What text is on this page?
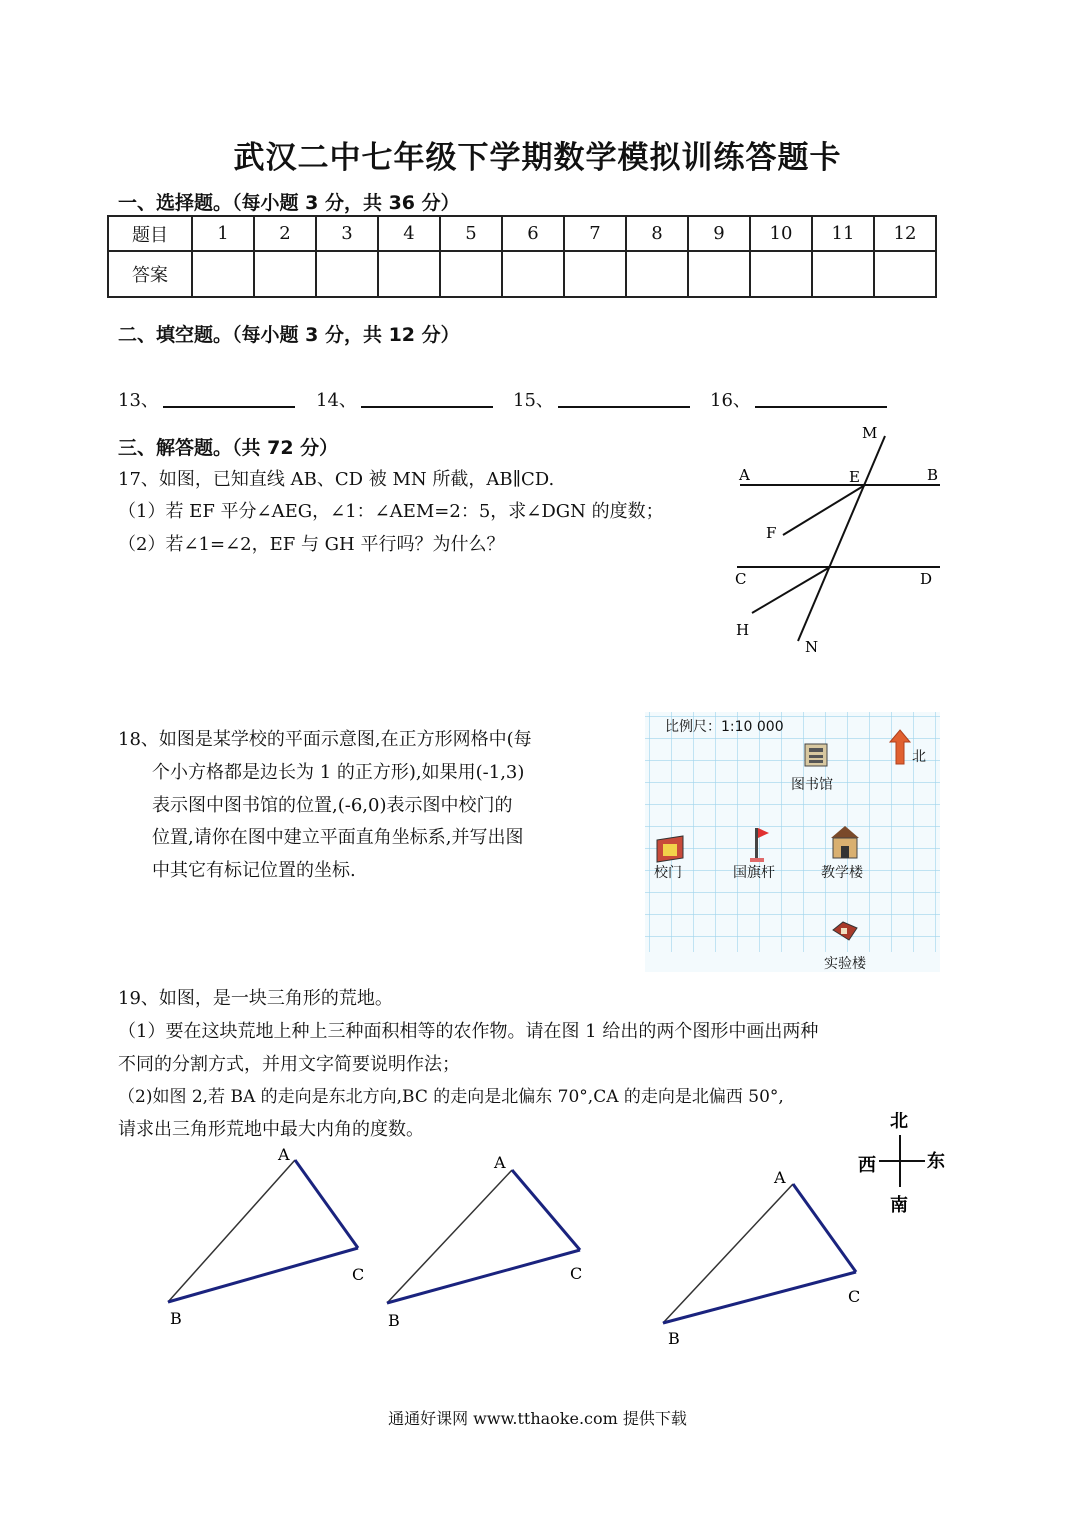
武汉二中七年级下学期数学模拟训练答题卡
一、选择题。（每小题 3 分，共 36 分）
题目	1	2	3	4	5	6	7	8	9	10	11	12
答案												
二、填空题。（每小题 3 分，共 12 分）
13、	14、	15、	16、
三、解答题。（共 72 分）
17、如图，已知直线 AB、CD 被 MN 所截，AB∥CD.
（1）若 EF 平分∠AEG，∠1：∠AEM=2：5，求∠DGN 的度数；
（2）若∠1=∠2，EF 与 GH 平行吗？为什么？
M
A	E	B
F
C	D
H
N
18、如图是某学校的平面示意图,在正方形网格中(每
个小方格都是边长为 1 的正方形),如果用(-1,3)
表示图中图书馆的位置,(-6,0)表示图中校门的
位置,请你在图中建立平面直角坐标系,并写出图
中其它有标记位置的坐标.
比例尺：1:10 000
北
图书馆
校门	国旗杆	教学楼
实验楼
19、如图，是一块三角形的荒地。
（1）要在这块荒地上种上三种面积相等的农作物。请在图 1 给出的两个图形中画出两种
不同的分割方式，并用文字简要说明作法；
（2)如图 2,若 BA 的走向是东北方向,BC 的走向是北偏东 70°,CA 的走向是北偏西 50°,
请求出三角形荒地中最大内角的度数。	北
南
东
西
A
B
C
A
B
C
A
B
C
通通好课网 www.tthaoke.com 提供下载
